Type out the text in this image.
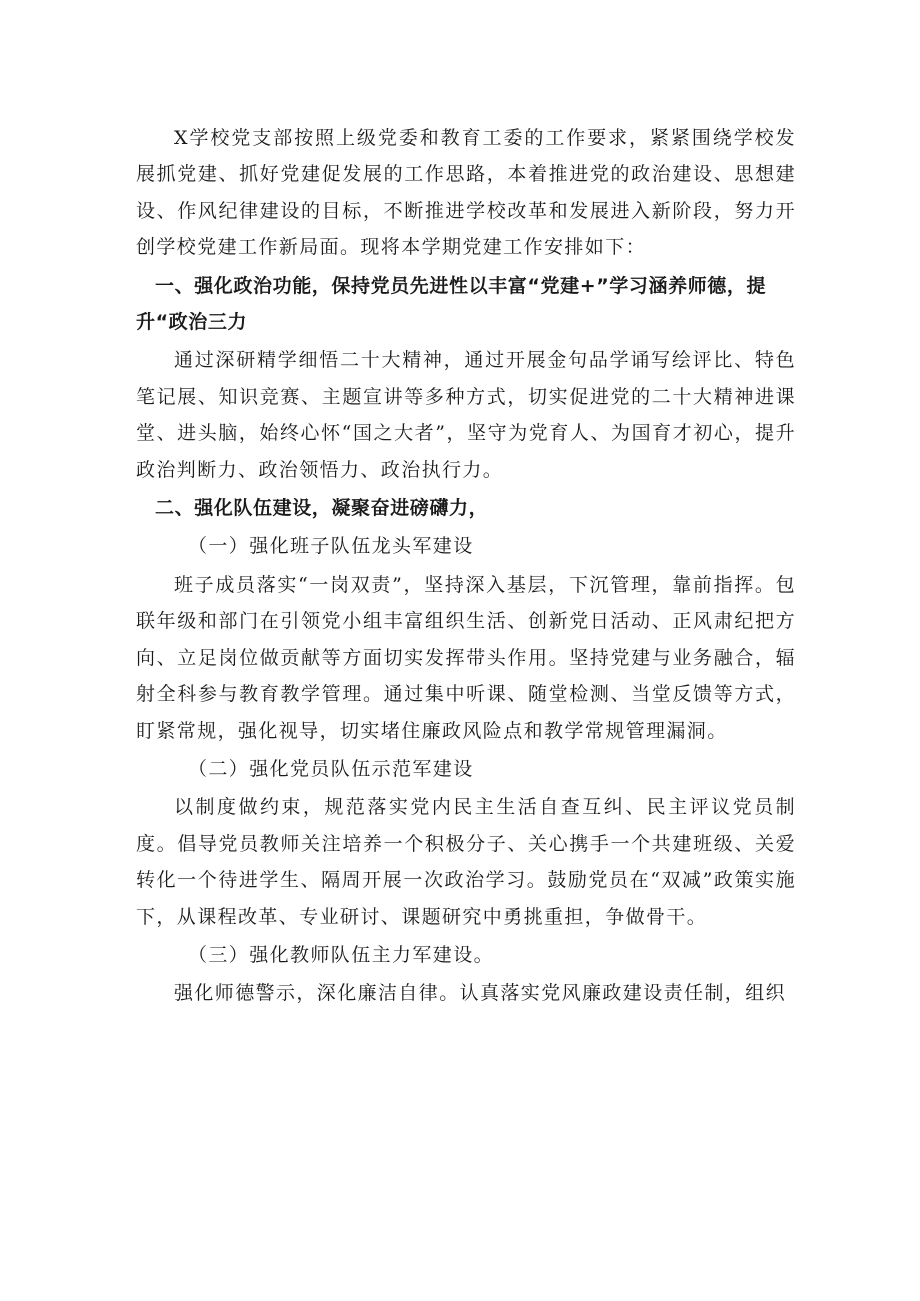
X学校党支部按照上级党委和教育工委的工作要求，紧紧围绕学校发展抓党建、抓好党建促发展的工作思路，本着推进党的政治建设、思想建设、作风纪律建设的目标，不断推进学校改革和发展进入新阶段，努力开创学校党建工作新局面。现将本学期党建工作安排如下：

一、强化政治功能，保持党员先进性以丰富“党建+”学习涵养师德，提升“政治三力

通过深研精学细悟二十大精神，通过开展金句品学诵写绘评比、特色笔记展、知识竞赛、主题宣讲等多种方式，切实促进党的二十大精神进课堂、进头脑，始终心怀“国之大者”，坚守为党育人、为国育才初心，提升政治判断力、政治领悟力、政治执行力。

二、强化队伍建设，凝聚奋进磅礴力，

（一）强化班子队伍龙头军建设

班子成员落实“一岗双责”，坚持深入基层，下沉管理，靠前指挥。包联年级和部门在引领党小组丰富组织生活、创新党日活动、正风肃纪把方向、立足岗位做贡献等方面切实发挥带头作用。坚持党建与业务融合，辐射全科参与教育教学管理。通过集中听课、随堂检测、当堂反馈等方式，盯紧常规，强化视导，切实堵住廉政风险点和教学常规管理漏洞。

（二）强化党员队伍示范军建设

以制度做约束，规范落实党内民主生活自查互纠、民主评议党员制度。倡导党员教师关注培养一个积极分子、关心携手一个共建班级、关爱转化一个待进学生、隔周开展一次政治学习。鼓励党员在“双减”政策实施下，从课程改革、专业研讨、课题研究中勇挑重担，争做骨干。

（三）强化教师队伍主力军建设。

强化师德警示，深化廉洁自律。认真落实党风廉政建设责任制，组织
